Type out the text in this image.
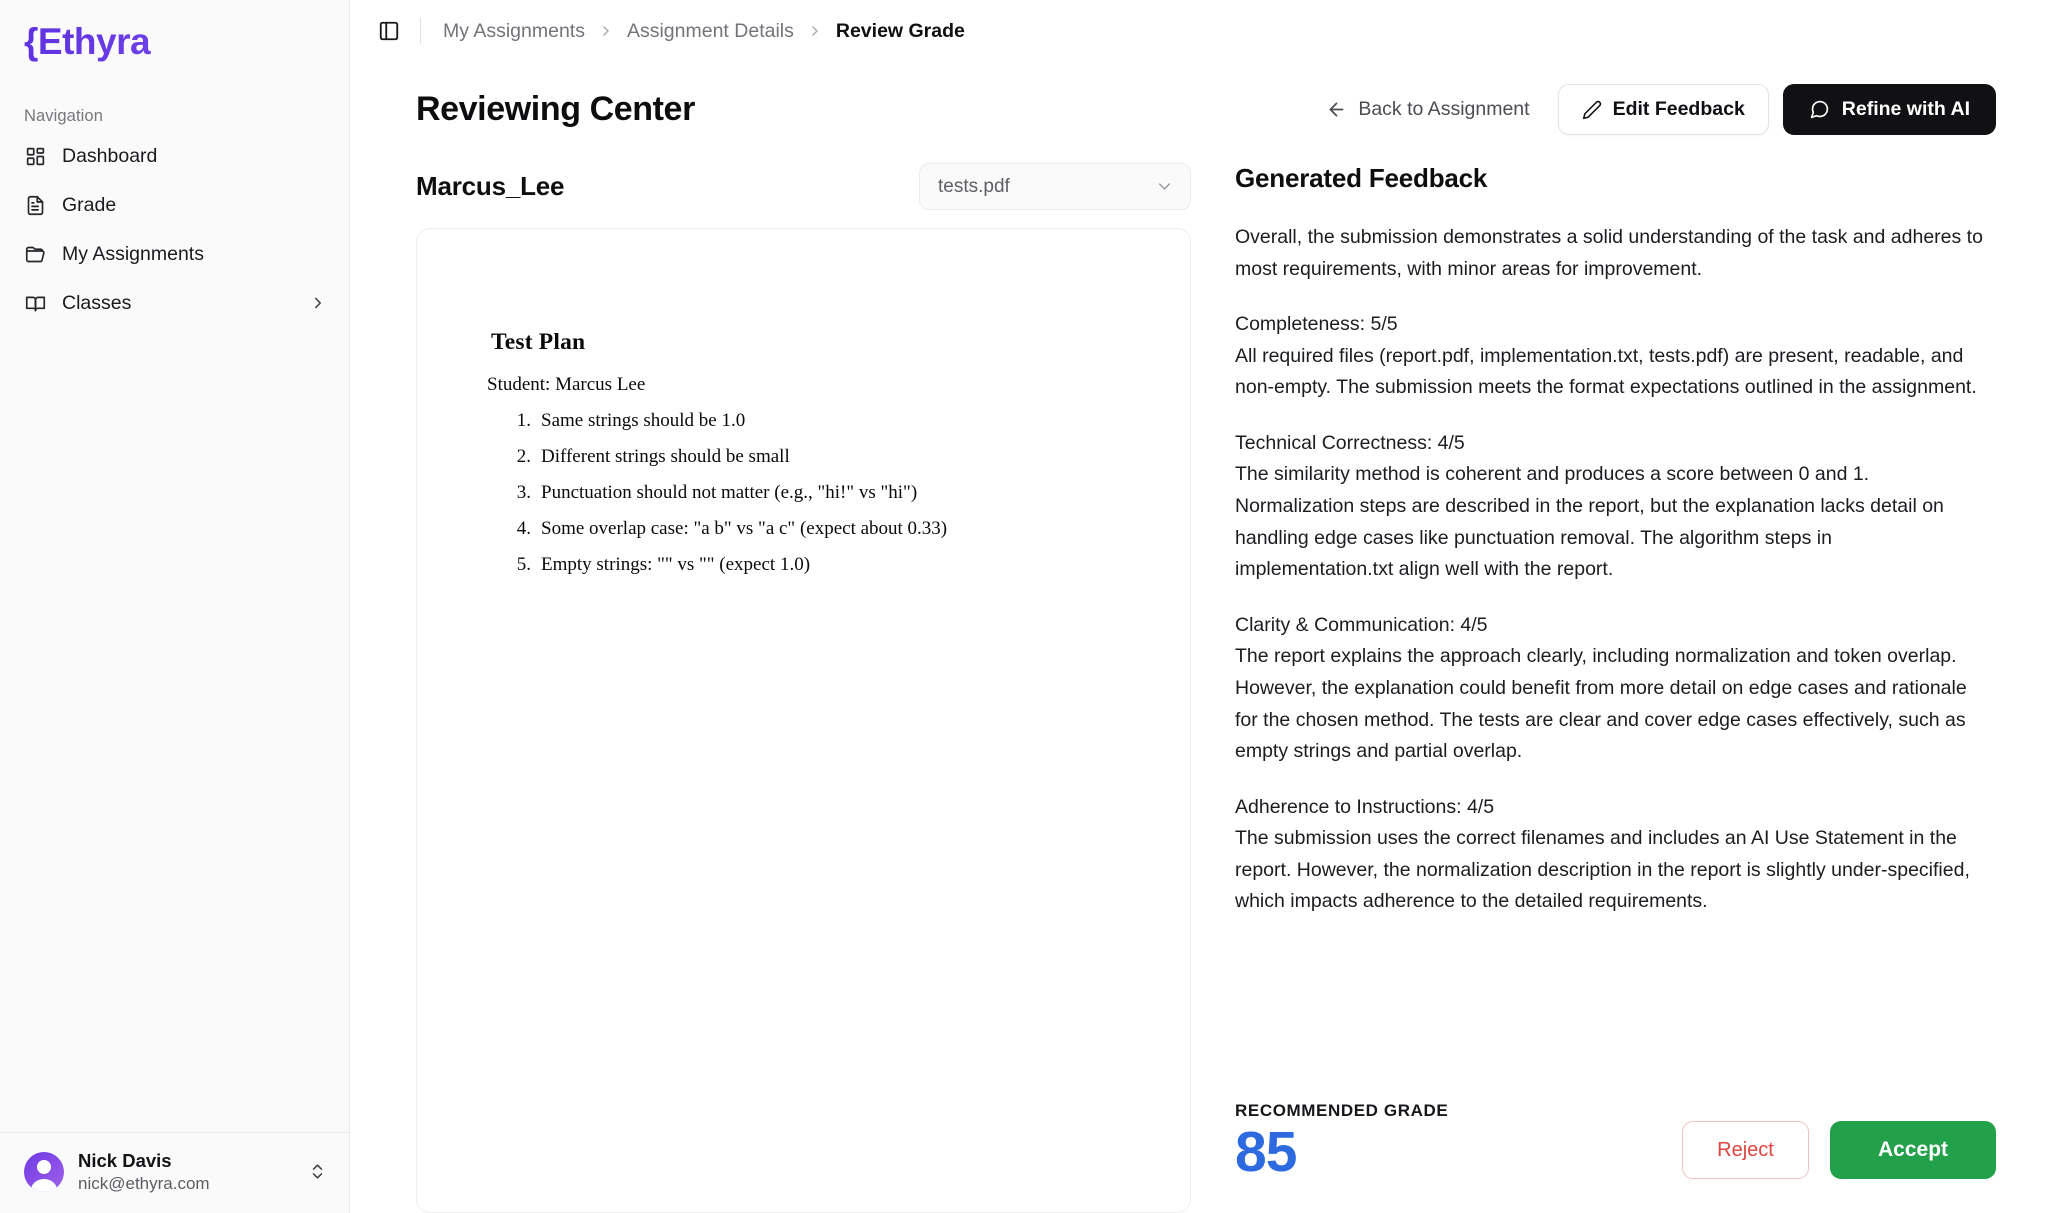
{Ethyra
Navigation
Dashboard
Grade
My Assignments
Classes
Nick Davis
nick@ethyra.com
My Assignments Assignment Details Review Grade
Reviewing Center	Back to Assignment	Edit Feedback	Refine with AI
Marcus_Lee	tests.pdf
Test Plan
Student: Marcus Lee
1. Same strings should be 1.0
2. Different strings should be small
3. Punctuation should not matter (e.g., "hi!" vs "hi")
4. Some overlap case: "a b" vs "a c" (expect about 0.33)
5. Empty strings: "" vs "" (expect 1.0)
Generated Feedback

Overall, the submission demonstrates a solid understanding of the task and adheres to most requirements, with minor areas for improvement.

Completeness: 5/5
All required files (report.pdf, implementation.txt, tests.pdf) are present, readable, and non-empty. The submission meets the format expectations outlined in the assignment.

Technical Correctness: 4/5
The similarity method is coherent and produces a score between 0 and 1. Normalization steps are described in the report, but the explanation lacks detail on handling edge cases like punctuation removal. The algorithm steps in implementation.txt align well with the report.

Clarity & Communication: 4/5
The report explains the approach clearly, including normalization and token overlap. However, the explanation could benefit from more detail on edge cases and rationale for the chosen method. The tests are clear and cover edge cases effectively, such as empty strings and partial overlap.

Adherence to Instructions: 4/5
The submission uses the correct filenames and includes an AI Use Statement in the report. However, the normalization description in the report is slightly under-specified, which impacts adherence to the detailed requirements.

RECOMMENDED GRADE
85	Reject	Accept
